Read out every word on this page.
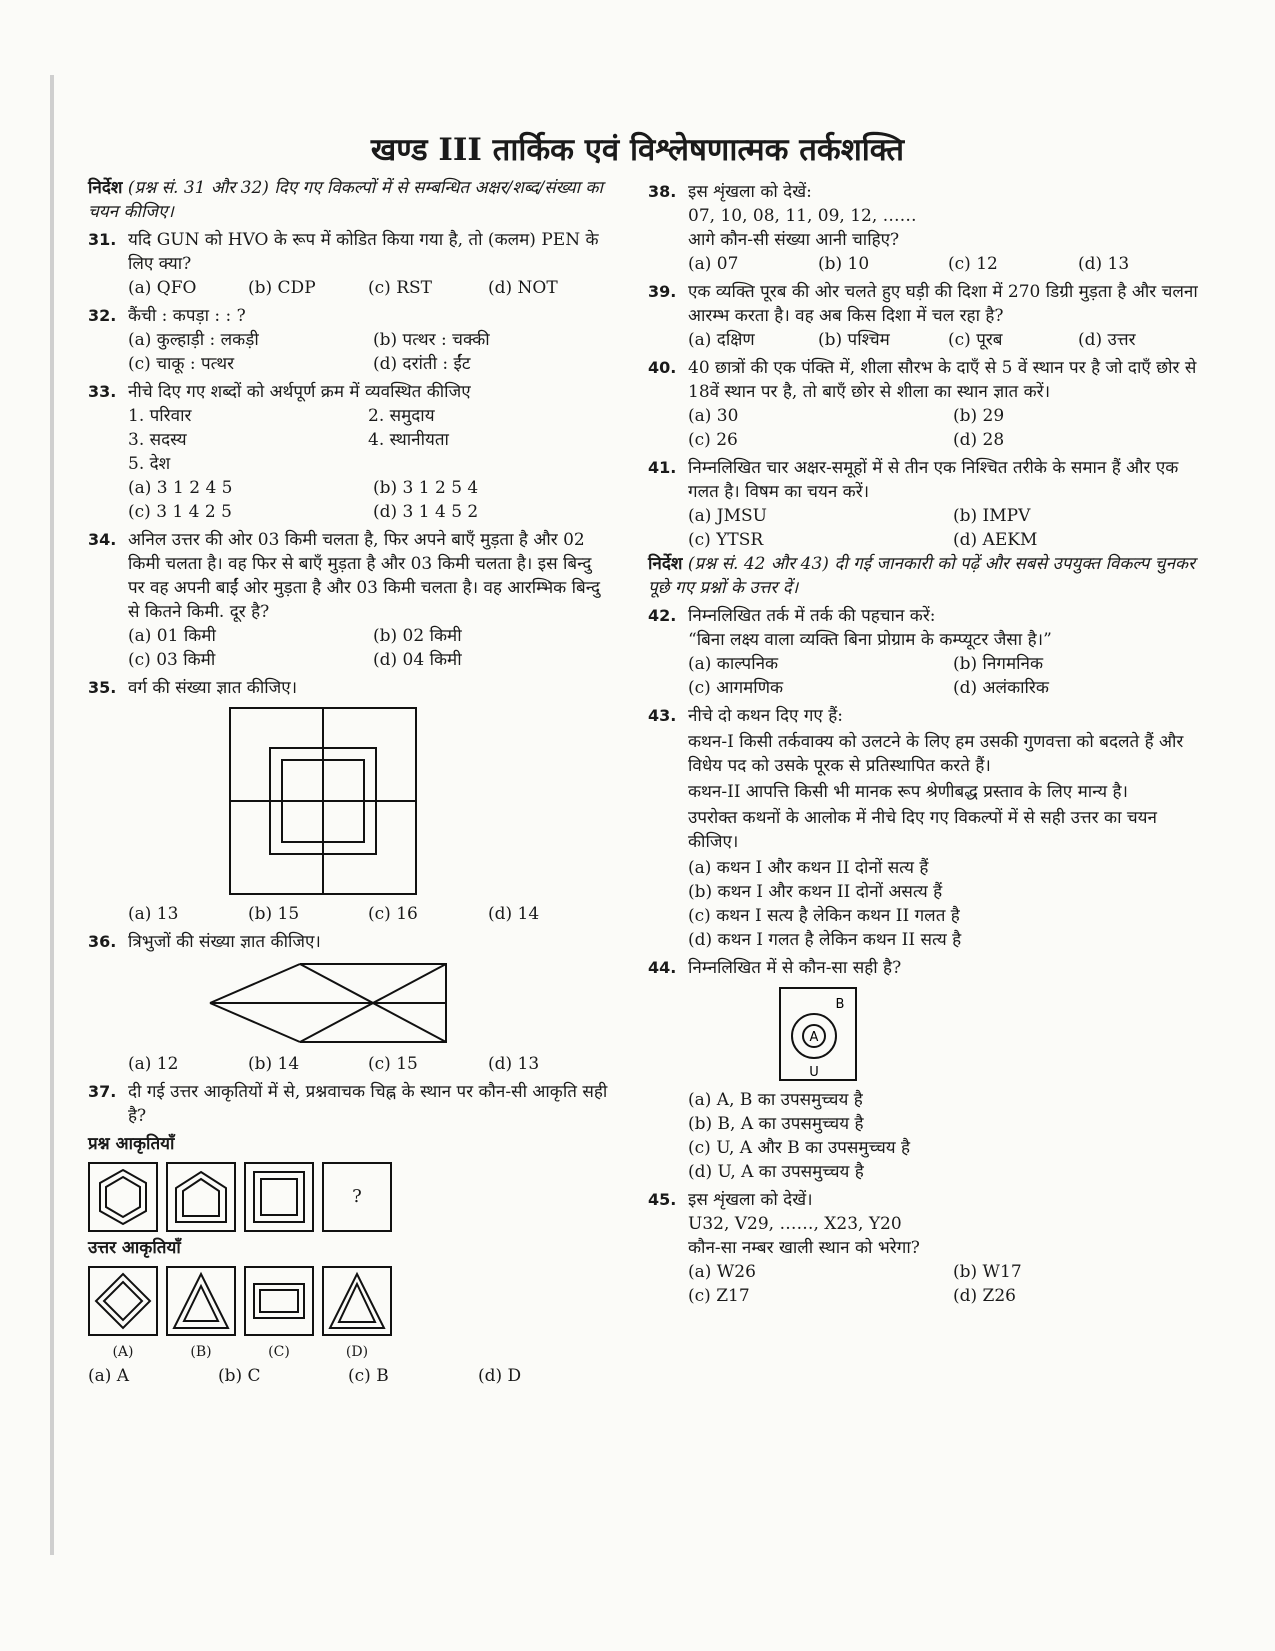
खण्ड III तार्किक एवं विश्लेषणात्मक तर्कशक्ति

निर्देश (प्रश्न सं. 31 और 32) दिए गए विकल्पों में से सम्बन्धित अक्षर/शब्द/संख्या का चयन कीजिए।

31. यदि GUN को HVO के रूप में कोडित किया गया है, तो (कलम) PEN के लिए क्या?
(a) QFO	(b) CDP	(c) RST	(d) NOT
32. कैंची : कपड़ा : : ?
(a) कुल्हाड़ी : लकड़ी	(b) पत्थर : चक्की
(c) चाकू : पत्थर	(d) दरांती : ईंट
33. नीचे दिए गए शब्दों को अर्थपूर्ण क्रम में व्यवस्थित कीजिए
1. परिवार	2. समुदाय
3. सदस्य	4. स्थानीयता
5. देश
(a) 3 1 2 4 5	(b) 3 1 2 5 4
(c) 3 1 4 2 5	(d) 3 1 4 5 2
34. अनिल उत्तर की ओर 03 किमी चलता है, फिर अपने बाएँ मुड़ता है और 02 किमी चलता है। वह फिर से बाएँ मुड़ता है और 03 किमी चलता है। इस बिन्दु पर वह अपनी बाईं ओर मुड़ता है और 03 किमी चलता है। वह आरम्भिक बिन्दु से कितने किमी. दूर है?
(a) 01 किमी	(b) 02 किमी
(c) 03 किमी	(d) 04 किमी
35. वर्ग की संख्या ज्ञात कीजिए।
(a) 13	(b) 15	(c) 16	(d) 14
36. त्रिभुजों की संख्या ज्ञात कीजिए।
(a) 12	(b) 14	(c) 15	(d) 13
37. दी गई उत्तर आकृतियों में से, प्रश्नवाचक चिह्न के स्थान पर कौन-सी आकृति सही है?
प्रश्न आकृतियाँ
?
उत्तर आकृतियाँ
(A)	(B)	(C)	(D)
(a) A	(b) C	(c) B	(d) D
38. इस शृंखला को देखें:
07, 10, 08, 11, 09, 12, ……
आगे कौन-सी संख्या आनी चाहिए?
(a) 07	(b) 10	(c) 12	(d) 13
39. एक व्यक्ति पूरब की ओर चलते हुए घड़ी की दिशा में 270 डिग्री मुड़ता है और चलना आरम्भ करता है। वह अब किस दिशा में चल रहा है?
(a) दक्षिण	(b) पश्चिम	(c) पूरब	(d) उत्तर
40. 40 छात्रों की एक पंक्ति में, शीला सौरभ के दाएँ से 5 वें स्थान पर है जो दाएँ छोर से 18वें स्थान पर है, तो बाएँ छोर से शीला का स्थान ज्ञात करें।
(a) 30	(b) 29
(c) 26	(d) 28
41. निम्नलिखित चार अक्षर-समूहों में से तीन एक निश्चित तरीके के समान हैं और एक गलत है। विषम का चयन करें।
(a) JMSU	(b) IMPV
(c) YTSR	(d) AEKM

निर्देश (प्रश्न सं. 42 और 43) दी गई जानकारी को पढ़ें और सबसे उपयुक्त विकल्प चुनकर पूछे गए प्रश्नों के उत्तर दें।

42. निम्नलिखित तर्क में तर्क की पहचान करें:
“बिना लक्ष्य वाला व्यक्ति बिना प्रोग्राम के कम्प्यूटर जैसा है।”
(a) काल्पनिक	(b) निगमनिक
(c) आगमणिक	(d) अलंकारिक
43. नीचे दो कथन दिए गए हैं:
कथन-I किसी तर्कवाक्य को उलटने के लिए हम उसकी गुणवत्ता को बदलते हैं और विधेय पद को उसके पूरक से प्रतिस्थापित करते हैं।
कथन-II आपत्ति किसी भी मानक रूप श्रेणीबद्ध प्रस्ताव के लिए मान्य है।
उपरोक्त कथनों के आलोक में नीचे दिए गए विकल्पों में से सही उत्तर का चयन कीजिए।
(a) कथन I और कथन II दोनों सत्य हैं
(b) कथन I और कथन II दोनों असत्य हैं
(c) कथन I सत्य है लेकिन कथन II गलत है
(d) कथन I गलत है लेकिन कथन II सत्य है
44. निम्नलिखित में से कौन-सा सही है?
A
B
U
(a) A, B का उपसमुच्चय है
(b) B, A का उपसमुच्चय है
(c) U, A और B का उपसमुच्चय है
(d) U, A का उपसमुच्चय है
45. इस शृंखला को देखें।
U32, V29, ……, X23, Y20
कौन-सा नम्बर खाली स्थान को भरेगा?
(a) W26	(b) W17
(c) Z17	(d) Z26
